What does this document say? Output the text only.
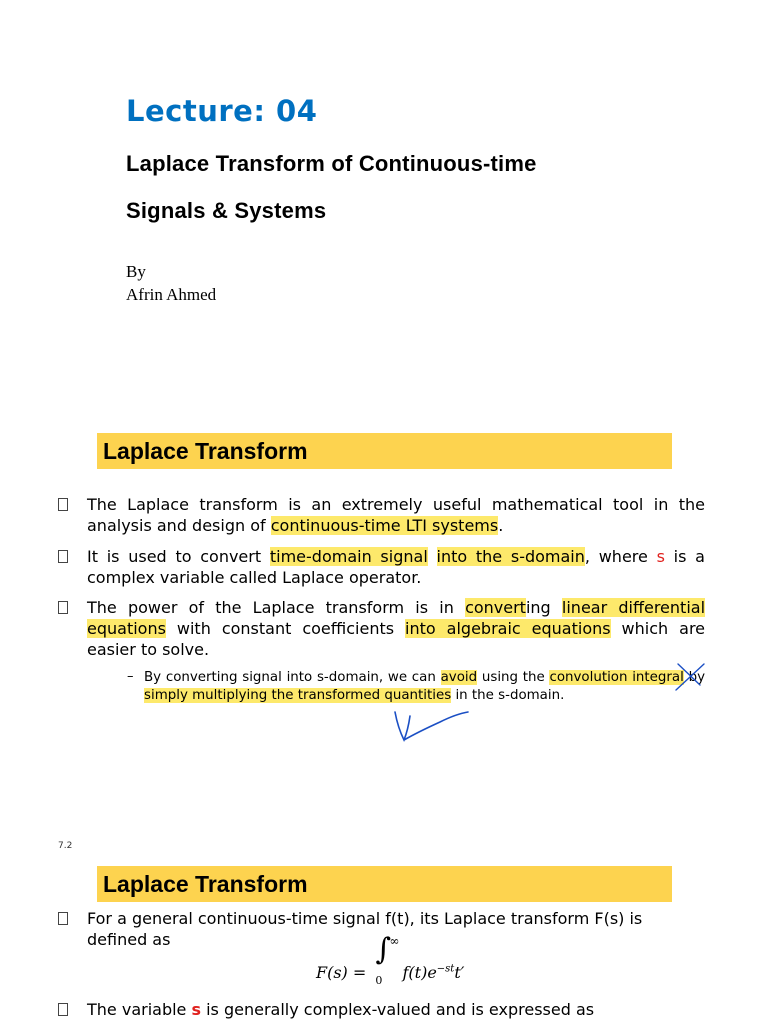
Lecture: 04
Laplace Transform of Continuous-time
Signals & Systems
By
Afrin Ahmed
Laplace Transform
The Laplace transform is an extremely useful mathematical tool in the analysis and design of continuous-time LTI systems.
It is used to convert time-domain signal into the s-domain, where s is a complex variable called Laplace operator.
The power of the Laplace transform is in converting linear differential equations with constant coefficients into algebraic equations which are easier to solve.
– By converting signal into s-domain, we can avoid using the convolution integral by simply multiplying the transformed quantities in the s-domain.
7.2
Laplace Transform
For a general continuous-time signal f(t), its Laplace transform F(s) is defined as
F(s) =
∫
∞
0 $f(t)e^{-st}t'$
The variable s is generally complex-valued and is expressed as
